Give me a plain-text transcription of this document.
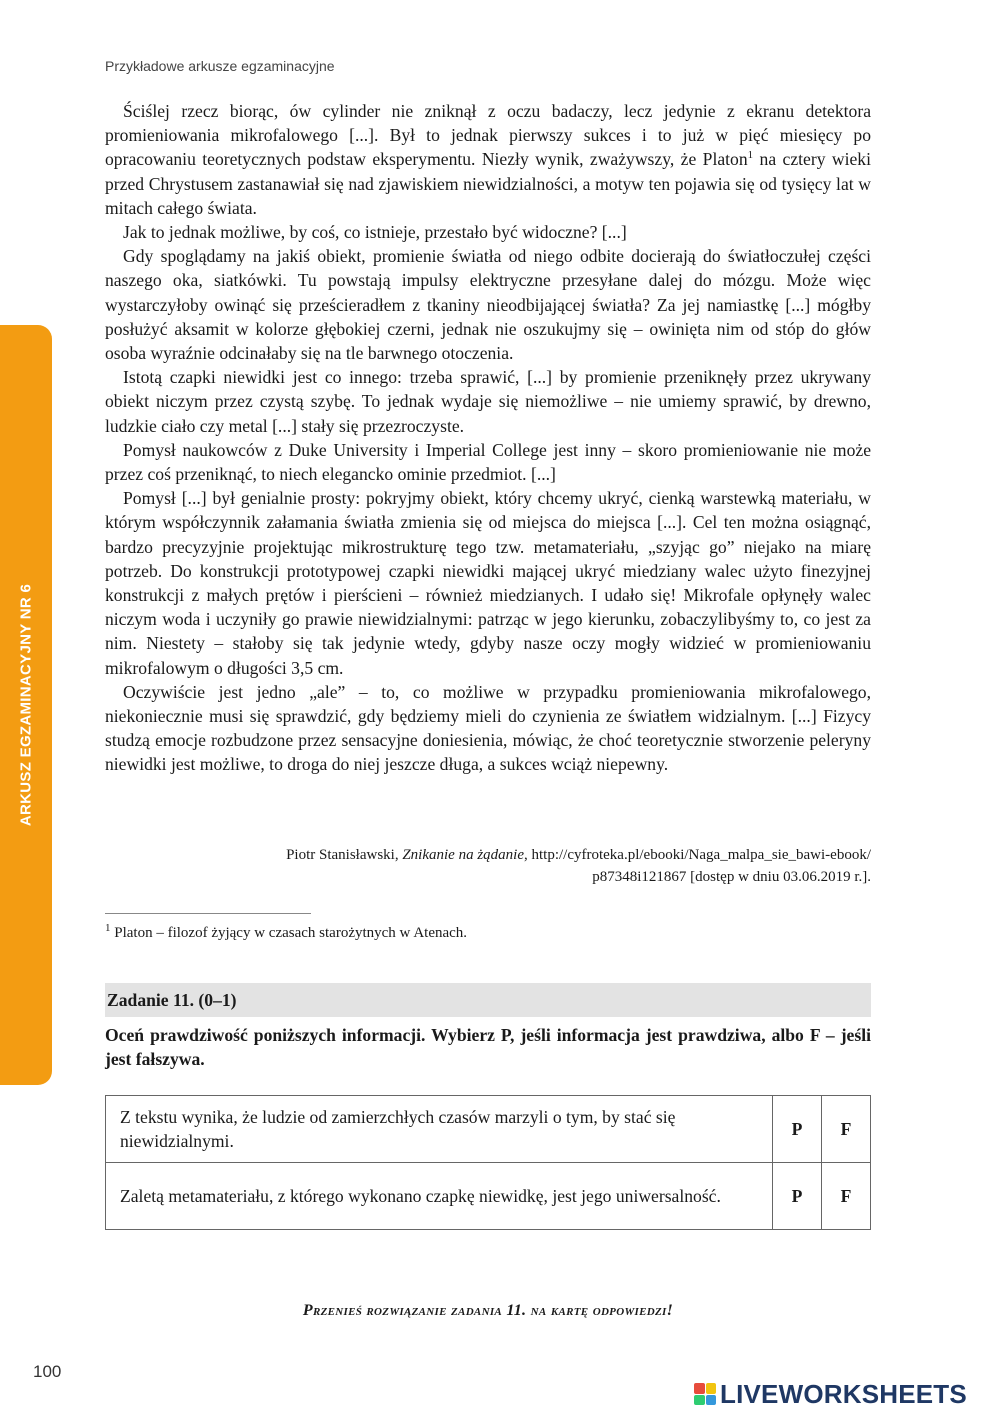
Przykładowe arkusze egzaminacyjne
ARKUSZ EGZAMINACYJNY NR 6

Ściślej rzecz biorąc, ów cylinder nie zniknął z oczu badaczy, lecz jedynie z ekranu detektora promieniowania mikrofalowego [...]. Był to jednak pierwszy sukces i to już w pięć miesięcy po opracowaniu teoretycznych podstaw eksperymentu. Niezły wynik, zważywszy, że Platon$^1$ na cztery wieki przed Chrystusem zastanawiał się nad zjawiskiem niewidzialności, a motyw ten pojawia się od tysięcy lat w mitach całego świata.

Jak to jednak możliwe, by coś, co istnieje, przestało być widoczne? [...]

Gdy spoglądamy na jakiś obiekt, promienie światła od niego odbite docierają do światłoczułej części naszego oka, siatkówki. Tu powstają impulsy elektryczne przesyłane dalej do mózgu. Może więc wystarczyłoby owinąć się prześcieradłem z tkaniny nieodbijającej światła? Za jej namiastkę [...] mógłby posłużyć aksamit w kolorze głębokiej czerni, jednak nie oszukujmy się – owinięta nim od stóp do głów osoba wyraźnie odcinałaby się na tle barwnego otoczenia.

Istotą czapki niewidki jest co innego: trzeba sprawić, [...] by promienie przeniknęły przez ukrywany obiekt niczym przez czystą szybę. To jednak wydaje się niemożliwe – nie umiemy sprawić, by drewno, ludzkie ciało czy metal [...] stały się przezroczyste.

Pomysł naukowców z Duke University i Imperial College jest inny – skoro promieniowanie nie może przez coś przeniknąć, to niech elegancko ominie przedmiot. [...]

Pomysł [...] był genialnie prosty: pokryjmy obiekt, który chcemy ukryć, cienką warstewką materiału, w którym współczynnik załamania światła zmienia się od miejsca do miejsca [...]. Cel ten można osiągnąć, bardzo precyzyjnie projektując mikrostrukturę tego tzw. metamateriału, „szyjąc go” niejako na miarę potrzeb. Do konstrukcji prototypowej czapki niewidki mającej ukryć miedziany walec użyto finezyjnej konstrukcji z małych prętów i pierścieni – również miedzianych. I udało się! Mikrofale opłynęły walec niczym woda i uczyniły go prawie niewidzialnymi: patrząc w jego kierunku, zobaczylibyśmy to, co jest za nim. Niestety – stałoby się tak jedynie wtedy, gdyby nasze oczy mogły widzieć w promieniowaniu mikrofalowym o długości 3,5 cm.

Oczywiście jest jedno „ale” – to, co możliwe w przypadku promieniowania mikrofalowego, niekoniecznie musi się sprawdzić, gdy będziemy mieli do czynienia ze światłem widzialnym. [...] Fizycy studzą emocje rozbudzone przez sensacyjne doniesienia, mówiąc, że choć teoretycznie stworzenie peleryny niewidki jest możliwe, to droga do niej jeszcze długa, a sukces wciąż niepewny.

Piotr Stanisławski, Znikanie na żądanie, http://cyfroteka.pl/ebooki/Naga_malpa_sie_bawi-ebook/
p87348i121867 [dostęp w dniu 03.06.2019 r.].
$^1$ Platon – filozof żyjący w czasach starożytnych w Atenach.
Zadanie 11. (0–1)
Oceń prawdziwość poniższych informacji. Wybierz P, jeśli informacja jest prawdziwa, albo F – jeśli jest fałszywa.
Z tekstu wynika, że ludzie od zamierzchłych czasów marzyli o tym, by stać się niewidzialnymi.	P	F
Zaletą metamateriału, z którego wykonano czapkę niewidkę, jest jego uniwersalność.	P	F
Przenieś rozwiązanie zadania 11. na kartę odpowiedzi!
100
LIVEWORKSHEETS
